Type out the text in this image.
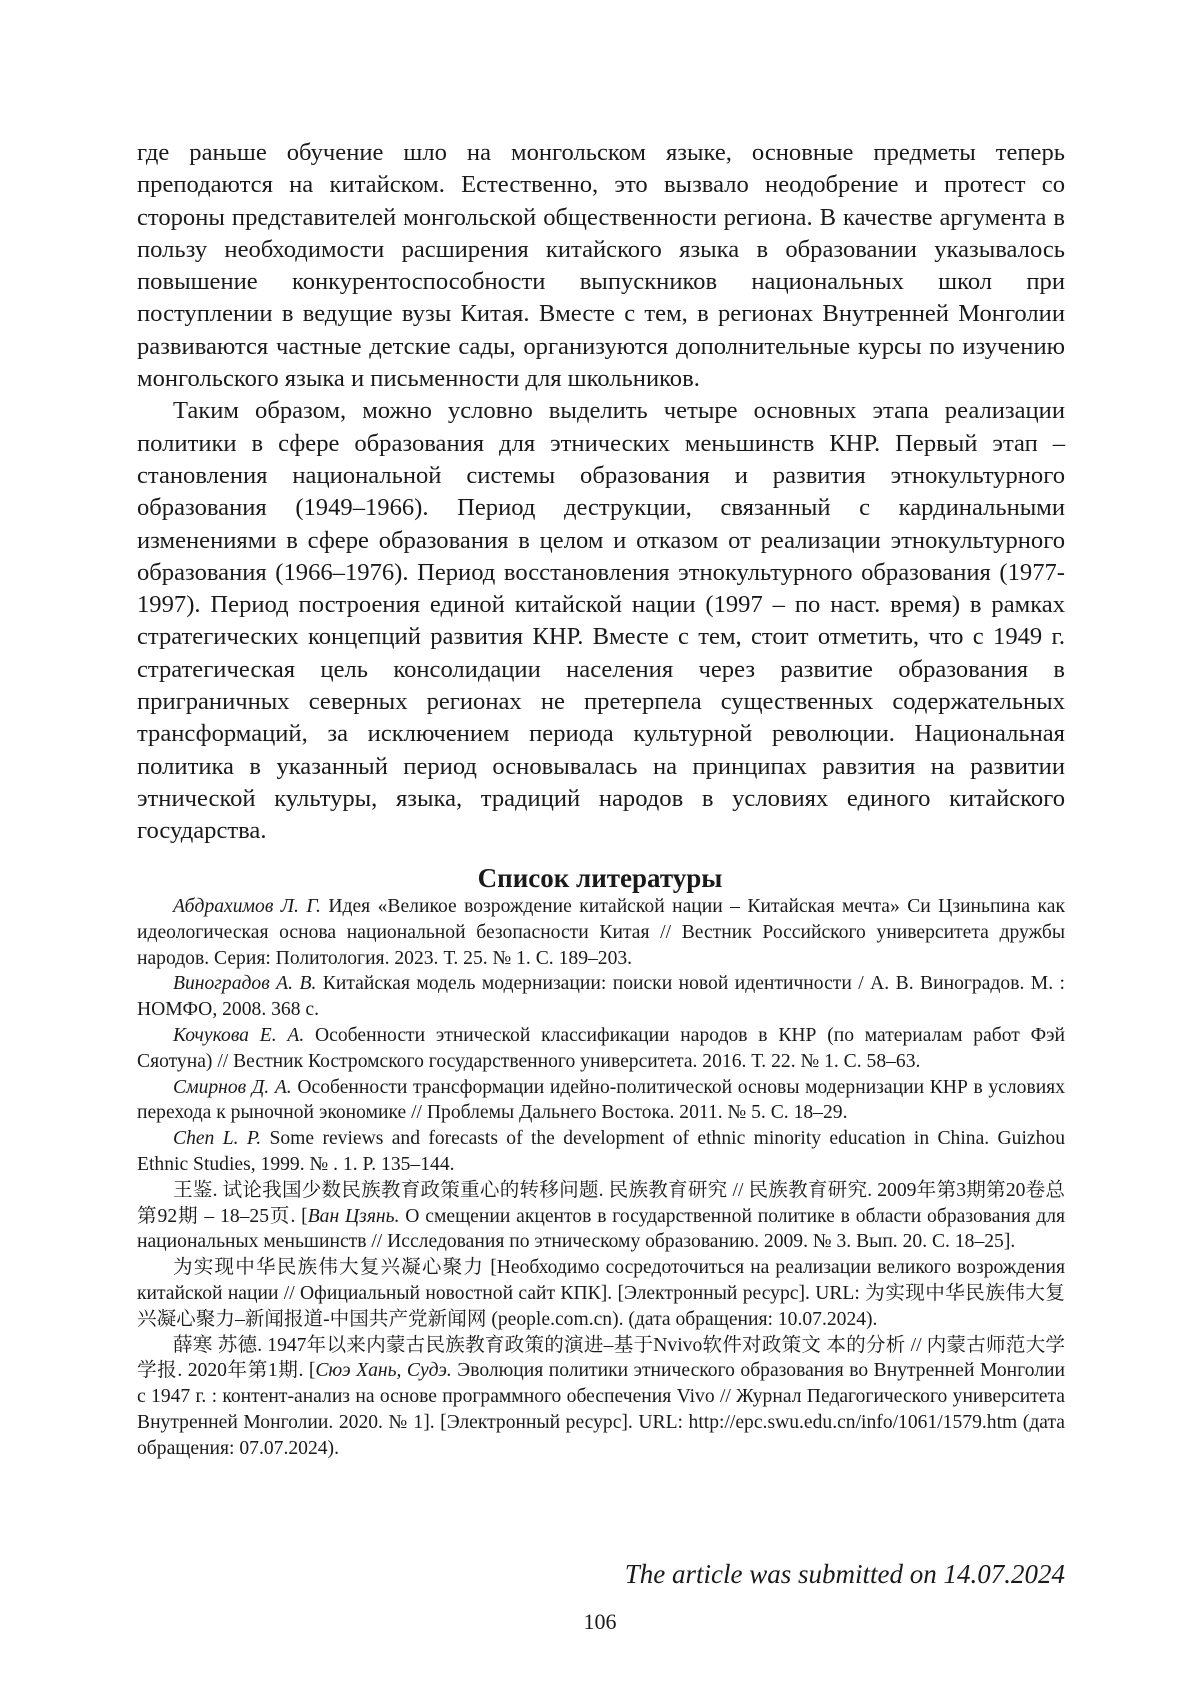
где раньше обучение шло на монгольском языке, основные предметы теперь преподаются на китайском. Естественно, это вызвало неодобрение и протест со стороны представителей монгольской общественности региона. В качестве аргумента в пользу необходимости расширения китайского языка в образовании указывалось повышение конкурентоспособности выпускников национальных школ при поступлении в ведущие вузы Китая. Вместе с тем, в регионах Внутренней Монголии развиваются частные детские сады, организуются дополнительные курсы по изучению монгольского языка и письменности для школьников.

Таким образом, можно условно выделить четыре основных этапа реализации политики в сфере образования для этнических меньшинств КНР. Первый этап – становления национальной системы образования и развития этнокультурного образования (1949–1966). Период деструкции, связанный с кардинальными изменениями в сфере образования в целом и отказом от реализации этнокультурного образования (1966–1976). Период восстановления этнокультурного образования (1977-1997). Период построения единой китайской нации (1997 – по наст. время) в рамках стратегических концепций развития КНР. Вместе с тем, стоит отметить, что с 1949 г. стратегическая цель консолидации населения через развитие образования в приграничных северных регионах не претерпела существенных содержательных трансформаций, за исключением периода культурной революции. Национальная политика в указанный период основывалась на принципах равзития на развитии этнической культуры, языка, традиций народов в условиях единого китайского государства.

Список литературы

Абдрахимов Л. Г. Идея «Великое возрождение китайской нации – Китайская мечта» Си Цзиньпина как идеологическая основа национальной безопасности Китая // Вестник Российского университета дружбы народов. Серия: Политология. 2023. Т. 25. № 1. С. 189–203.

Виноградов А. В. Китайская модель модернизации: поиски новой идентичности / А. В. Виноградов. М. : НОМФО, 2008. 368 с.

Кочукова Е. А. Особенности этнической классификации народов в КНР (по материалам работ Фэй Сяотуна) // Вестник Костромского государственного университета. 2016. Т. 22. № 1. С. 58–63.

Смирнов Д. А. Особенности трансформации идейно-политической основы модернизации КНР в условиях перехода к рыночной экономике // Проблемы Дальнего Востока. 2011. № 5. С. 18–29.

Chen L. P. Some reviews and forecasts of the development of ethnic minority education in China. Guizhou Ethnic Studies, 1999. № . 1. P. 135–144.

王鉴. 试论我国少数民族教育政策重心的转移问题. 民族教育研究 // 民族教育研究. 2009年第3期第20卷总第92期 – 18–25页. [Ван Цзянь. О смещении акцентов в государственной политике в области образования для национальных меньшинств // Исследования по этническому образованию. 2009. № 3. Вып. 20. С. 18–25].

为实现中华民族伟大复兴凝心聚力 [Необходимо сосредоточиться на реализации великого возрождения китайской нации // Официальный новостной сайт КПК]. [Электронный ресурс]. URL: 为实现中华民族伟大复兴凝心聚力–新闻报道-中国共产党新闻网 (people.com.cn). (дата обращения: 10.07.2024).

薛寒 苏德. 1947年以来内蒙古民族教育政策的演进–基于Nvivo软件对政策文 本的分析 // 内蒙古师范大学学报. 2020年第1期. [Сюэ Хань, Судэ. Эволюция политики этнического образования во Внутренней Монголии с 1947 г. : контент-анализ на основе программного обеспечения Vivo // Журнал Педагогического университета Внутренней Монголии. 2020. № 1]. [Электронный ресурс]. URL: http://epc.swu.edu.cn/info/1061/1579.htm (дата обращения: 07.07.2024).

The article was submitted on 14.07.2024
106
